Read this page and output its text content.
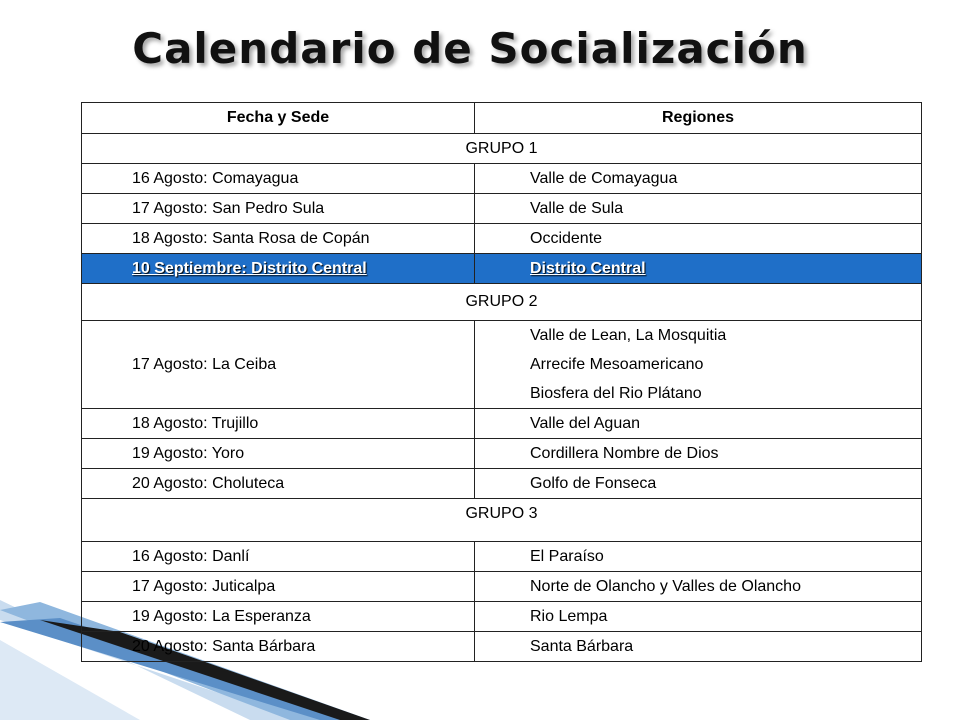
Calendario de Socialización
Fecha y Sede	Regiones
GRUPO 1	
16 Agosto: Comayagua	Valle de Comayagua
17 Agosto: San Pedro Sula	Valle de Sula
18 Agosto: Santa Rosa de Copán	Occidente
10 Septiembre: Distrito Central	Distrito Central
GRUPO 2	
17 Agosto: La Ceiba	Valle de Lean, La Mosquitia
Arrecife Mesoamericano
Biosfera del Rio Plátano

18 Agosto: Trujillo	Valle del Aguan
19 Agosto: Yoro	Cordillera Nombre de Dios
20 Agosto: Choluteca	Golfo de Fonseca
GRUPO 3	
16 Agosto: Danlí	El Paraíso
17 Agosto: Juticalpa	Norte de Olancho y Valles de Olancho
19 Agosto: La Esperanza	Rio Lempa
20 Agosto: Santa Bárbara	Santa Bárbara
